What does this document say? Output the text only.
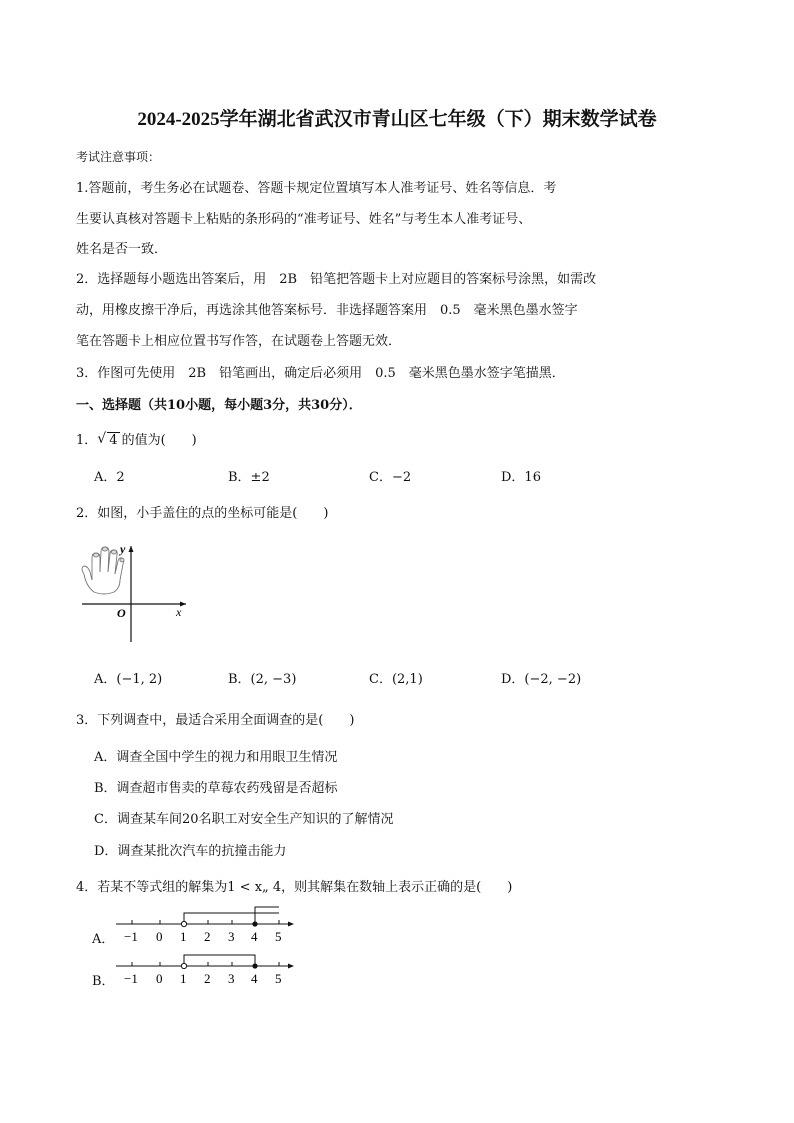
2024-2025学年湖北省武汉市青山区七年级（下）期末数学试卷
考试注意事项：
1.答题前，考生务必在试题卷、答题卡规定位置填写本人准考证号、姓名等信息．考
生要认真核对答题卡上粘贴的条形码的“准考证号、姓名”与考生本人准考证号、
姓名是否一致．
2．选择题每小题选出答案后，用　2B　铅笔把答题卡上对应题目的答案标号涂黑，如需改
动，用橡皮擦干净后，再选涂其他答案标号．非选择题答案用　0.5　毫米黑色墨水签字
笔在答题卡上相应位置书写作答，在试题卷上答题无效．
3．作图可先使用　2B　铅笔画出，确定后必须用　0.5　毫米黑色墨水签字笔描黑．
一、选择题（共10小题，每小题3分，共30分）．
1． √ 4 的值为(　　)
A．2	B．±2	C．−2	D．16
2．如图，小手盖住的点的坐标可能是(　　)
y
x
O
A．(−1, 2)	B．(2, −3)	C．(2,1)	D．(−2, −2)
3．下列调查中，最适合采用全面调查的是(　　)
A．调查全国中学生的视力和用眼卫生情况
B．调查超市售卖的草莓农药残留是否超标
C．调查某车间20名职工对安全生产知识的了解情况
D．调查某批次汽车的抗撞击能力
4．若某不等式组的解集为1 < x„ 4，则其解集在数轴上表示正确的是(　　)
A． −1 0 1 2 3 4 5
B． −1 0 1 2 3 4 5
